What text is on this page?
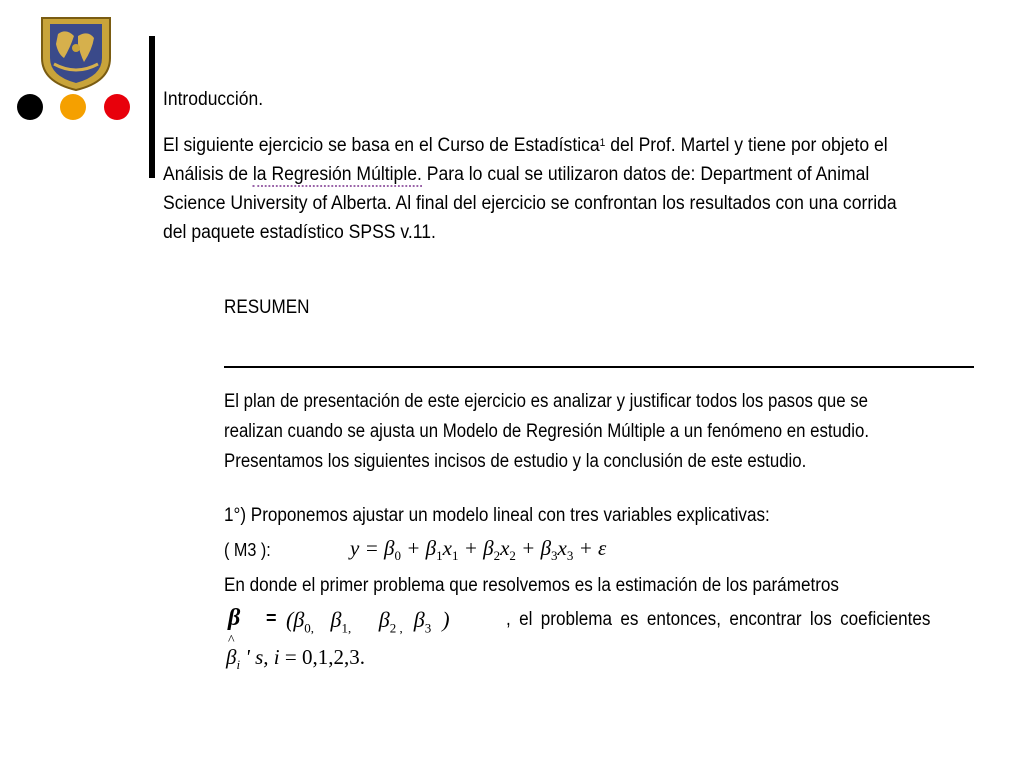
Introducción.
El siguiente ejercicio se basa en el Curso de Estadística$^1$ del Prof. Martel y tiene por objeto el
Análisis de la Regresión Múltiple. Para lo cual se utilizaron datos de: Department of Animal
Science University of Alberta. Al final del ejercicio se confrontan los resultados con una corrida
del paquete estadístico SPSS v.11.
RESUMEN
El plan de presentación de este ejercicio es analizar y justificar todos los pasos que se
realizan cuando se ajusta un Modelo de Regresión Múltiple a un fenómeno en estudio.
Presentamos los siguientes incisos de estudio y la conclusión de este estudio.
1°) Proponemos ajustar un modelo lineal con tres variables explicativas:
( M3 ):	$y = \beta_0 + \beta_1x_1 + \beta_2x_2 + \beta_3x_3 + \varepsilon$
En donde el primer problema que resolvemos es la estimación de los parámetros
$\beta = (\beta_{0,}$ $\beta_{1,}$ $\beta_{2 ,}$ $\beta_3$ )	, el problema es entonces, encontrar los coeficientes
^ $\beta_i$ ' s, i = 0,1,2,3.
